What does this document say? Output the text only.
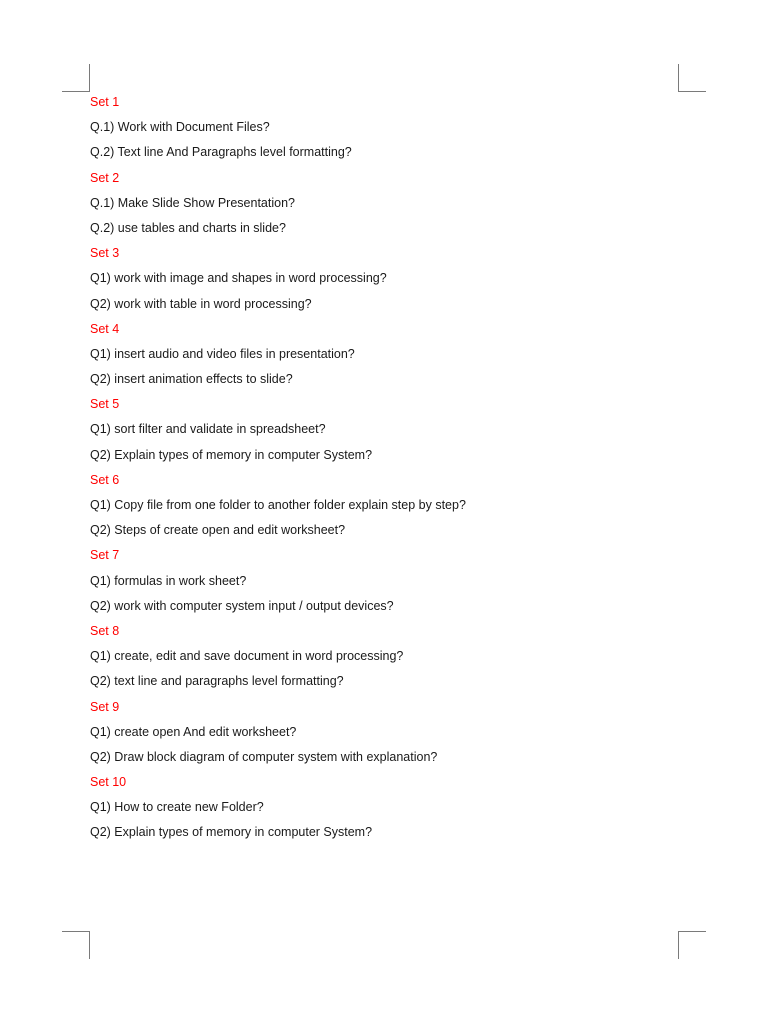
Set 1
Q.1) Work with Document Files?
Q.2) Text line And Paragraphs level formatting?
Set 2
Q.1) Make Slide Show Presentation?
Q.2) use tables and charts in slide?
Set 3
Q1) work with image and shapes in word processing?
Q2) work with table in word processing?
Set 4
Q1) insert audio and video files in presentation?
Q2) insert animation effects to slide?
Set 5
Q1) sort filter and validate in spreadsheet?
Q2) Explain types of memory in computer System?
Set 6
Q1) Copy file from one folder to another folder explain step by step?
Q2) Steps of create open and edit worksheet?
Set 7
Q1) formulas in work sheet?
Q2) work with computer system input / output devices?
Set 8
Q1) create, edit and save document in word processing?
Q2) text line and paragraphs level formatting?
Set 9
Q1) create open And edit worksheet?
Q2) Draw block diagram of computer system with explanation?
Set 10
Q1) How to create new Folder?
Q2) Explain types of memory in computer System?
